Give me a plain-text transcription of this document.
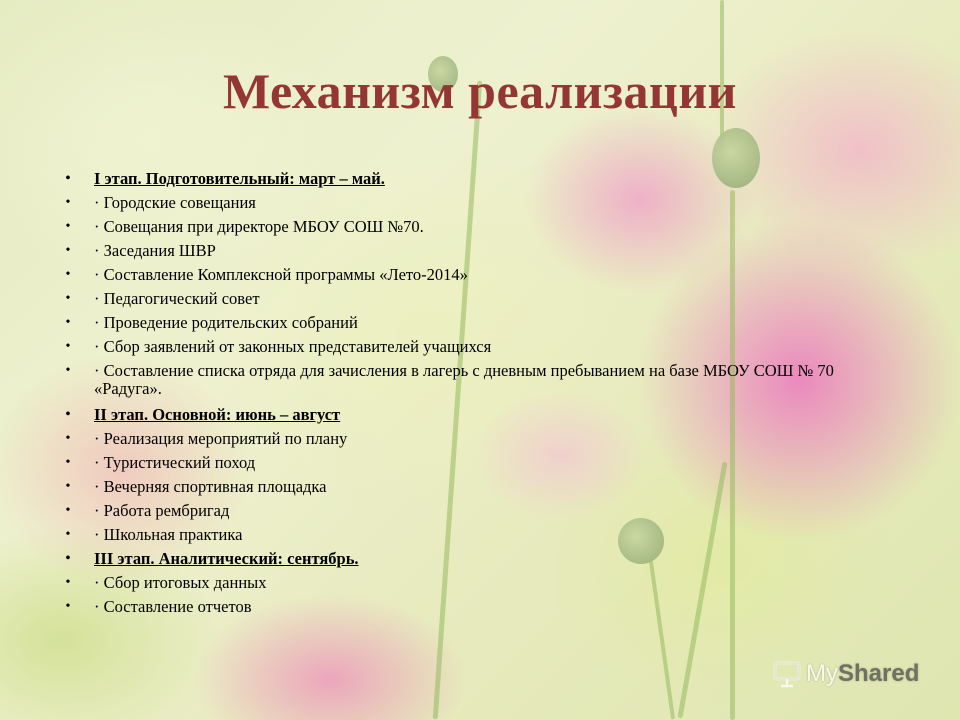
Механизм реализации
•	I этап. Подготовительный: март – май.
•	· Городские совещания
•	· Совещания при директоре МБОУ СОШ №70.
•	· Заседания ШВР
•	· Составление Комплексной программы «Лето-2014»
•	· Педагогический совет
•	· Проведение родительских собраний
•	· Сбор заявлений от законных представителей учащихся
•	· Составление списка отряда для зачисления в лагерь с дневным пребыванием на базе МБОУ СОШ № 70 «Радуга».
•	II этап. Основной: июнь – август
•	· Реализация мероприятий по плану
•	· Туристический поход
•	· Вечерняя спортивная площадка
•	· Работа рембригад
•	· Школьная практика
•	III этап. Аналитический: сентябрь.
•	· Сбор итоговых данных
•	· Составление отчетов
MyShared
